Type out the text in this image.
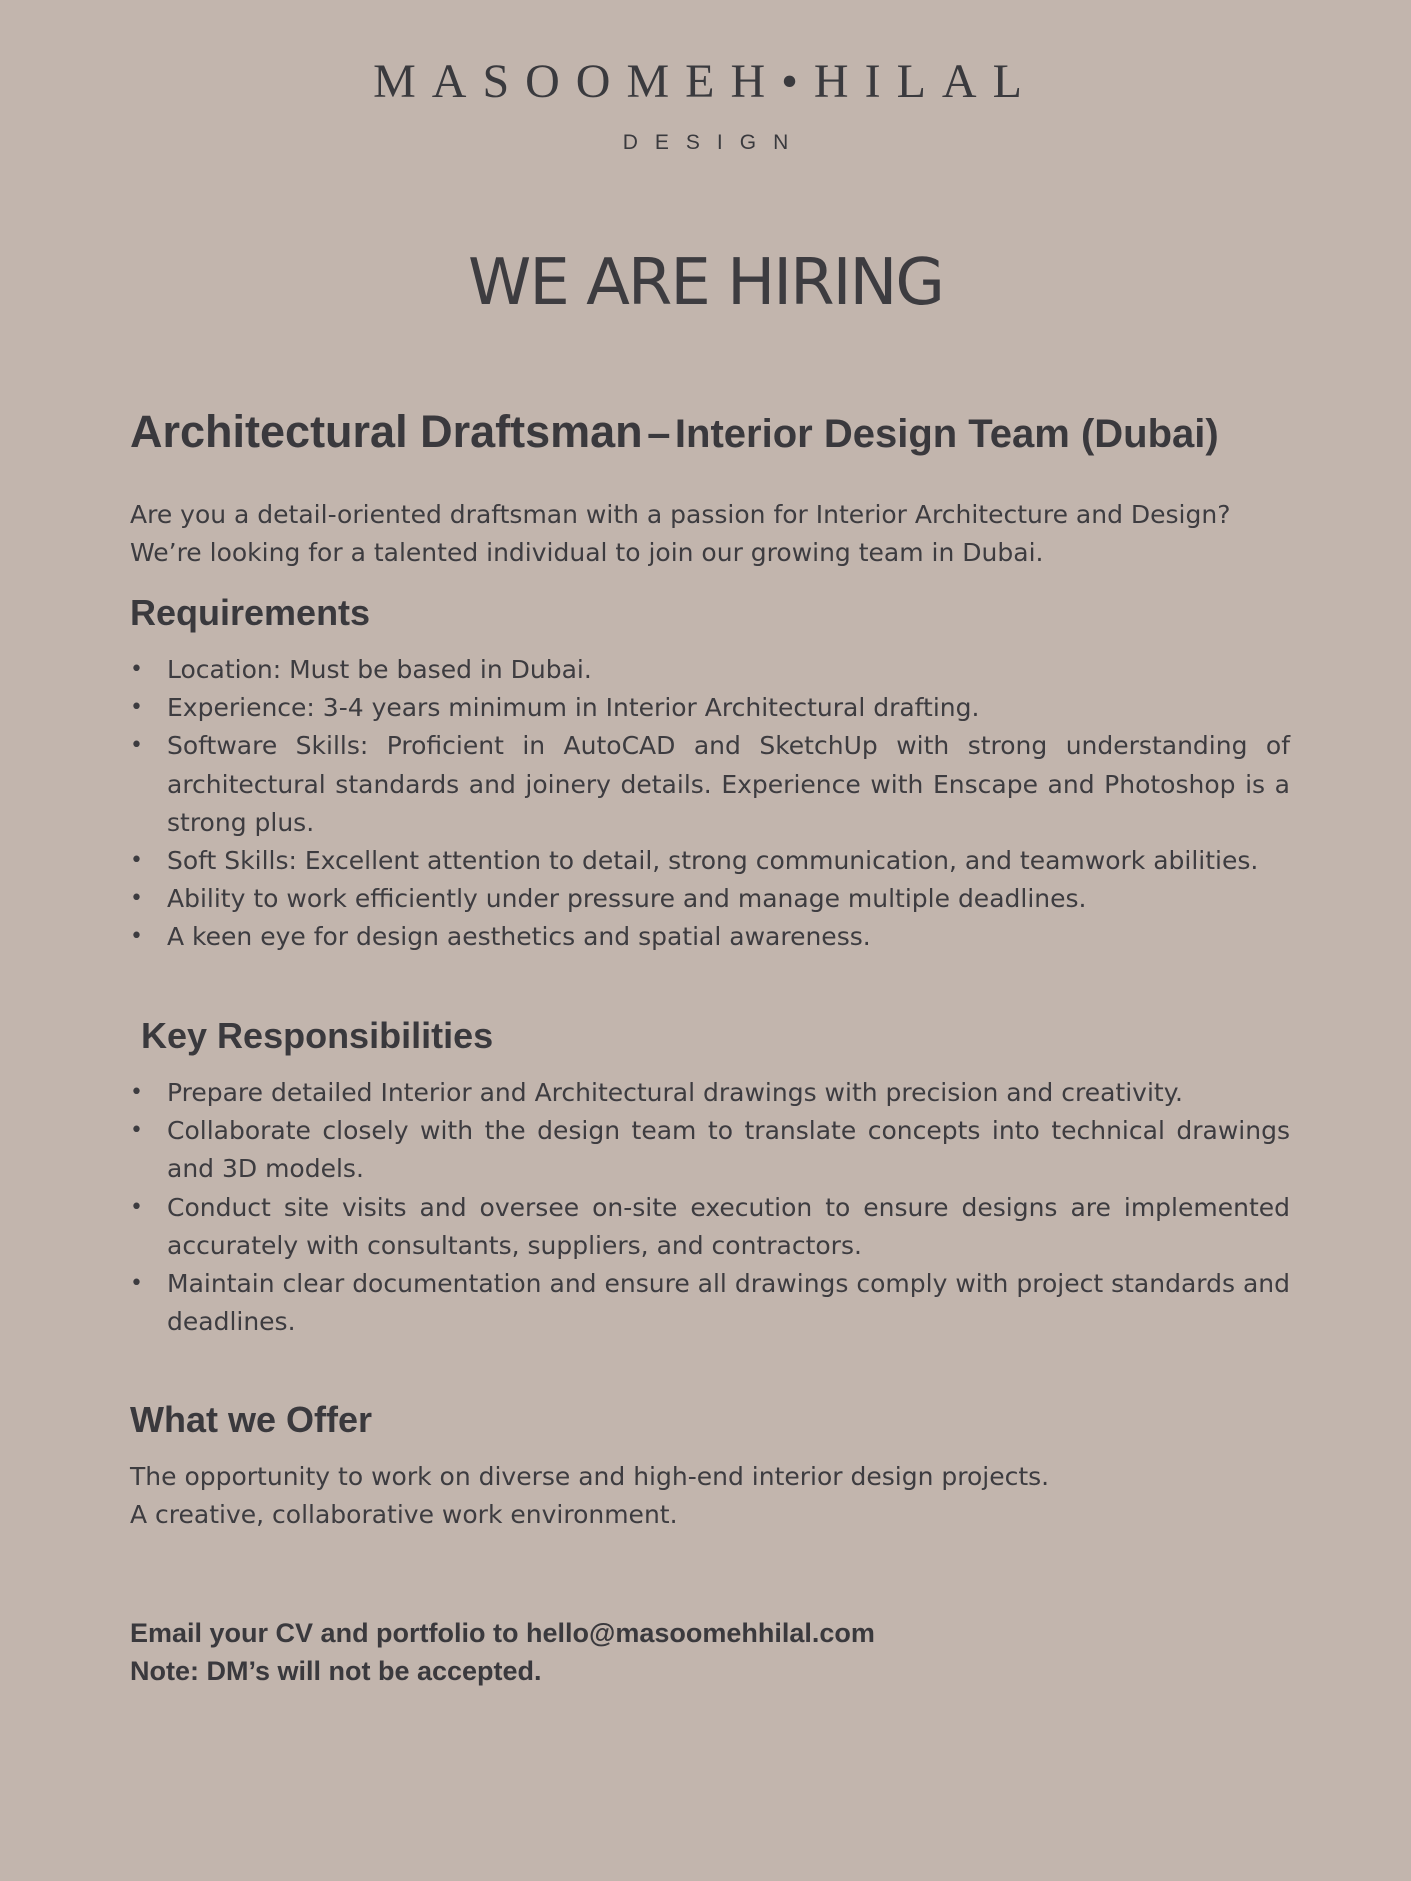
MASOOMEH•HILAL
DESIGN
WE ARE HIRING
Architectural Draftsman – Interior Design Team (Dubai)

Are you a detail-oriented draftsman with a passion for Interior Architecture and Design?

We’re looking for a talented individual to join our growing team in Dubai.

Requirements
• Location: Must be based in Dubai.
• Experience: 3-4 years minimum in Interior Architectural drafting.
• Software Skills: Proficient in AutoCAD and SketchUp with strong understanding of architectural standards and joinery details. Experience with Enscape and Photoshop is a strong plus.
• Soft Skills: Excellent attention to detail, strong communication, and teamwork abilities.
• Ability to work efficiently under pressure and manage multiple deadlines.
• A keen eye for design aesthetics and spatial awareness.
Key Responsibilities
• Prepare detailed Interior and Architectural drawings with precision and creativity.
• Collaborate closely with the design team to translate concepts into technical drawings and 3D models.
• Conduct site visits and oversee on-site execution to ensure designs are implemented accurately with consultants, suppliers, and contractors.
• Maintain clear documentation and ensure all drawings comply with project standards and deadlines.
What we Offer

The opportunity to work on diverse and high-end interior design projects.

A creative, collaborative work environment.

Email your CV and portfolio to hello@masoomehhilal.com

Note: DM’s will not be accepted.
